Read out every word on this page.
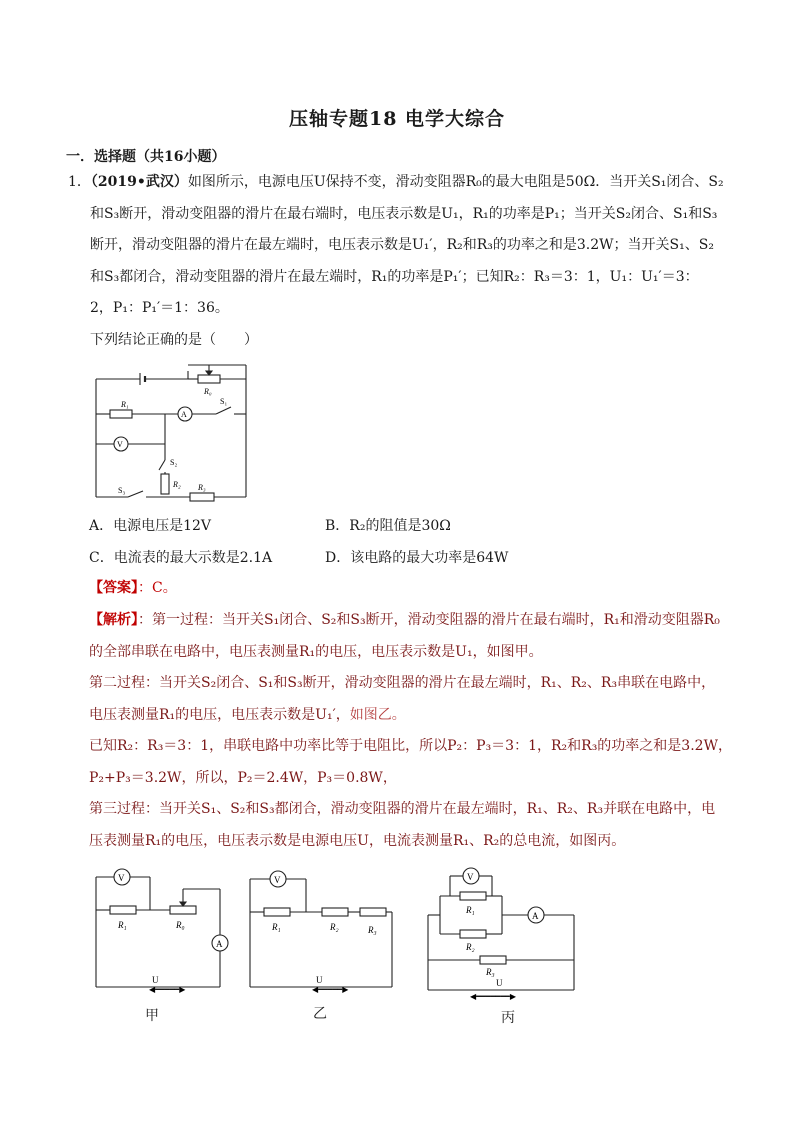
压轴专题18 电学大综合
一．选择题（共16小题）

1．（2019•武汉）如图所示，电源电压U保持不变，滑动变阻器R₀的最大电阻是50Ω．当开关S₁闭合、S₂

和S₃断开，滑动变阻器的滑片在最右端时，电压表示数是U₁，R₁的功率是P₁；当开关S₂闭合、S₁和S₃

断开，滑动变阻器的滑片在最左端时，电压表示数是U₁′，R₂和R₃的功率之和是3.2W；当开关S₁、S₂

和S₃都闭合，滑动变阻器的滑片在最左端时，R₁的功率是P₁′；已知R₂：R₃＝3：1，U₁：U₁′＝3：

2，P₁：P₁′＝1：36。

下列结论正确的是（　　）

R₁
R₀
A
V
S₁
S₂
S₃
R₂ R₃
A．电源电压是12V	B．R₂的阻值是30Ω
C．电流表的最大示数是2.1A	D．该电路的最大功率是64W

【答案】：C。

【解析】：第一过程：当开关S₁闭合、S₂和S₃断开，滑动变阻器的滑片在最右端时，R₁和滑动变阻器R₀

的全部串联在电路中，电压表测量R₁的电压，电压表示数是U₁，如图甲。

第二过程：当开关S₂闭合、S₁和S₃断开，滑动变阻器的滑片在最左端时，R₁、R₂、R₃串联在电路中，

电压表测量R₁的电压，电压表示数是U₁′，如图乙。

已知R₂：R₃＝3：1，串联电路中功率比等于电阻比，所以P₂：P₃＝3：1，R₂和R₃的功率之和是3.2W，

P₂+P₃＝3.2W，所以，P₂＝2.4W，P₃＝0.8W，

第三过程：当开关S₁、S₂和S₃都闭合，滑动变阻器的滑片在最左端时，R₁、R₂、R₃并联在电路中，电

压表测量R₁的电压，电压表示数是电源电压U，电流表测量R₁、R₂的总电流，如图丙。

V
R₁	R₀
A
U
◀━━━━━▶
甲
V
R₁	R₂	R₃
U
◀━━━━━▶
乙
V
R₁
A
R₂
R₃
U
◀━━━━━━━▶
丙
